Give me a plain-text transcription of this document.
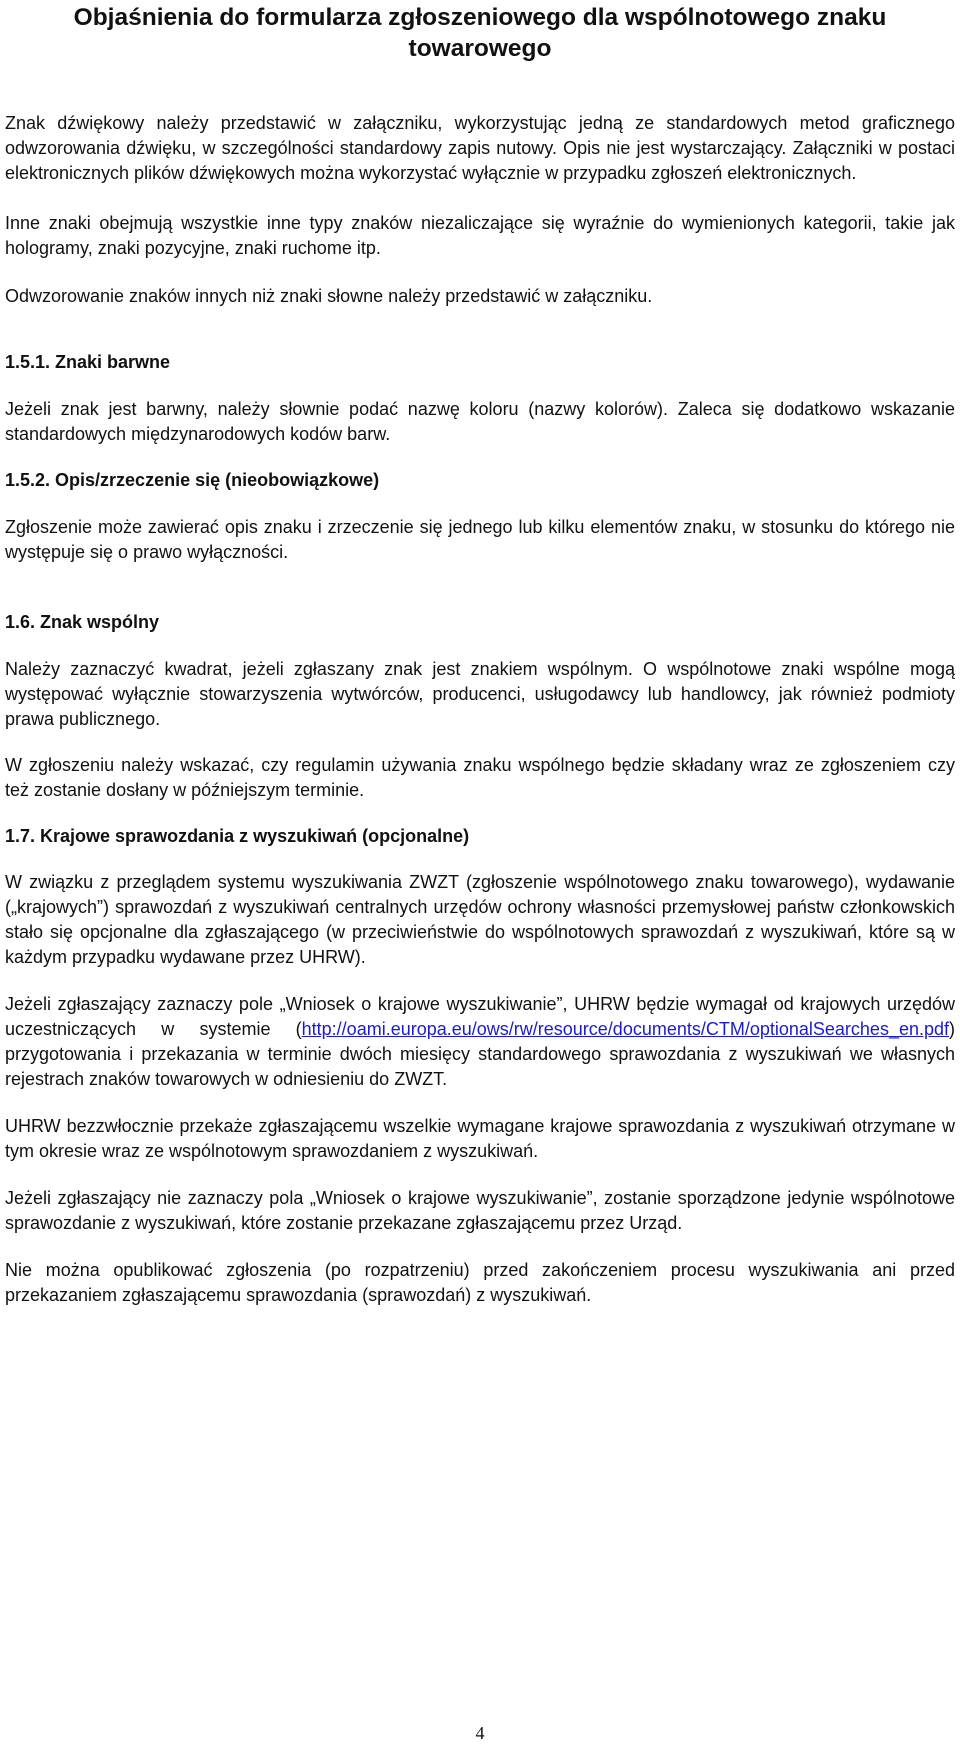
Objaśnienia do formularza zgłoszeniowego dla wspólnotowego znaku towarowego

Znak dźwiękowy należy przedstawić w załączniku, wykorzystując jedną ze standardowych metod graficznego odwzorowania dźwięku, w szczególności standardowy zapis nutowy. Opis nie jest wystarczający. Załączniki w postaci elektronicznych plików dźwiękowych można wykorzystać wyłącznie w przypadku zgłoszeń elektronicznych.

Inne znaki obejmują wszystkie inne typy znaków niezaliczające się wyraźnie do wymienionych kategorii, takie jak hologramy, znaki pozycyjne, znaki ruchome itp.

Odwzorowanie znaków innych niż znaki słowne należy przedstawić w załączniku.

1.5.1. Znaki barwne

Jeżeli znak jest barwny, należy słownie podać nazwę koloru (nazwy kolorów). Zaleca się dodatkowo wskazanie standardowych międzynarodowych kodów barw.

1.5.2. Opis/zrzeczenie się (nieobowiązkowe)

Zgłoszenie może zawierać opis znaku i zrzeczenie się jednego lub kilku elementów znaku, w stosunku do którego nie występuje się o prawo wyłączności.

1.6. Znak wspólny

Należy zaznaczyć kwadrat, jeżeli zgłaszany znak jest znakiem wspólnym. O wspólnotowe znaki wspólne mogą występować wyłącznie stowarzyszenia wytwórców, producenci, usługodawcy lub handlowcy, jak również podmioty prawa publicznego.

W zgłoszeniu należy wskazać, czy regulamin używania znaku wspólnego będzie składany wraz ze zgłoszeniem czy też zostanie dosłany w późniejszym terminie.

1.7. Krajowe sprawozdania z wyszukiwań (opcjonalne)

W związku z przeglądem systemu wyszukiwania ZWZT (zgłoszenie wspólnotowego znaku towarowego), wydawanie („krajowych”) sprawozdań z wyszukiwań centralnych urzędów ochrony własności przemysłowej państw członkowskich stało się opcjonalne dla zgłaszającego (w przeciwieństwie do wspólnotowych sprawozdań z wyszukiwań, które są w każdym przypadku wydawane przez UHRW).

Jeżeli zgłaszający zaznaczy pole „Wniosek o krajowe wyszukiwanie”, UHRW będzie wymagał od krajowych urzędów uczestniczących w systemie (http://oami.europa.eu/ows/rw/resource/documents/CTM/optionalSearches_en.pdf) przygotowania i przekazania w terminie dwóch miesięcy standardowego sprawozdania z wyszukiwań we własnych rejestrach znaków towarowych w odniesieniu do ZWZT.

UHRW bezzwłocznie przekaże zgłaszającemu wszelkie wymagane krajowe sprawozdania z wyszukiwań otrzymane w tym okresie wraz ze wspólnotowym sprawozdaniem z wyszukiwań.

Jeżeli zgłaszający nie zaznaczy pola „Wniosek o krajowe wyszukiwanie”, zostanie sporządzone jedynie wspólnotowe sprawozdanie z wyszukiwań, które zostanie przekazane zgłaszającemu przez Urząd.

Nie można opublikować zgłoszenia (po rozpatrzeniu) przed zakończeniem procesu wyszukiwania ani przed przekazaniem zgłaszającemu sprawozdania (sprawozdań) z wyszukiwań.

4
